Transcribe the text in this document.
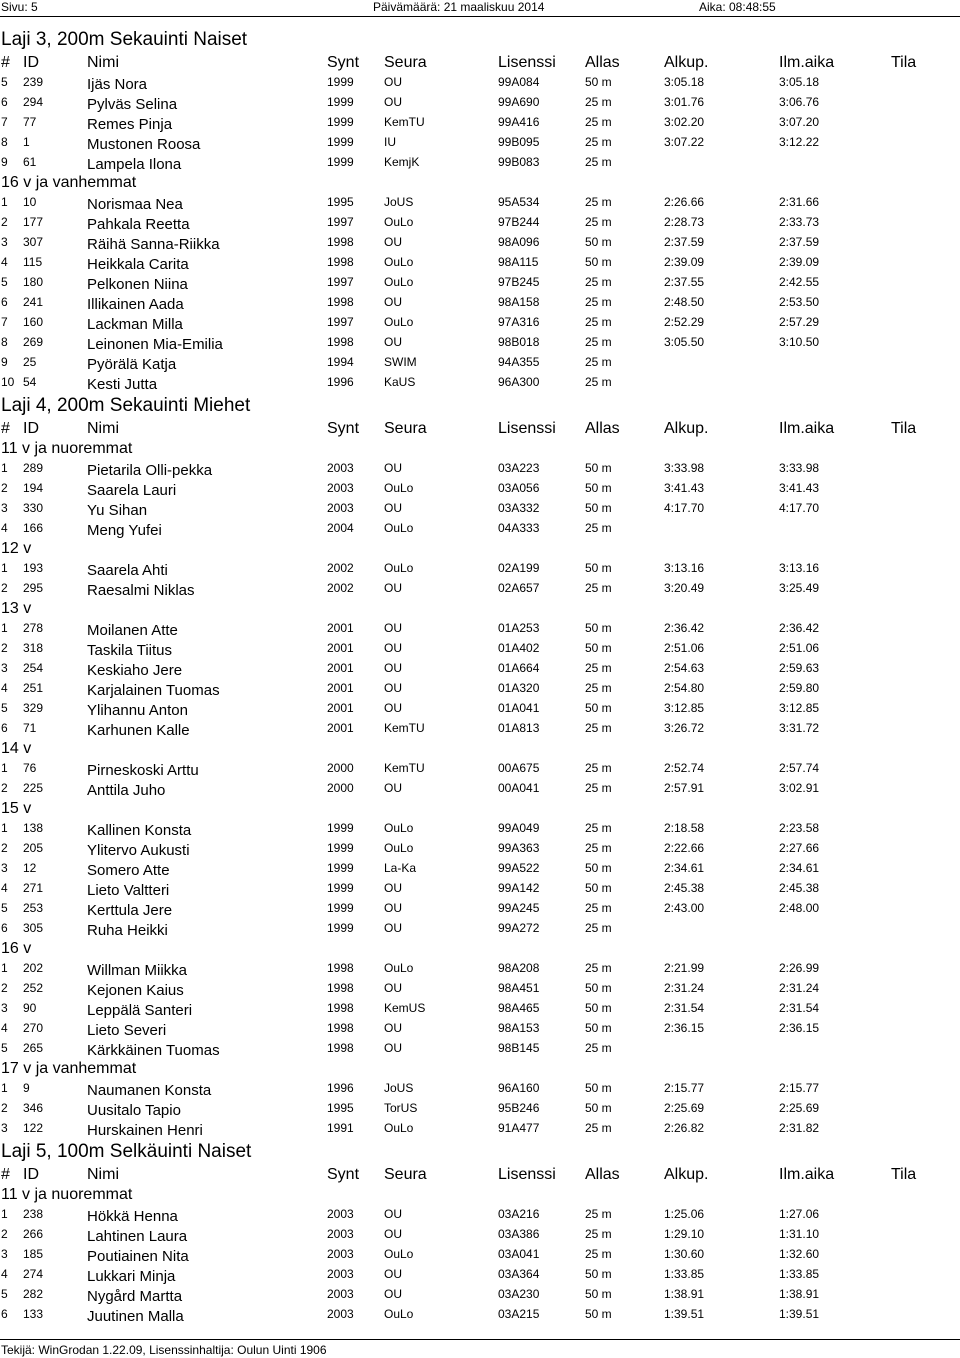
Sivu: 5	Päivämäärä: 21 maaliskuu 2014	Aika: 08:48:55
Laji 3, 200m Sekauinti Naiset
# ID	Nimi	Synt Seura	Lisenssi Allas	Alkup.	Ilm.aika	Tila
5 239	Ijäs Nora	1999	OU	99A084	50 m	3:05.18	3:05.18
6 294	Pylväs Selina	1999	OU	99A690	25 m	3:01.76	3:06.76
7 77	Remes Pinja	1999	KemTU	99A416	25 m	3:02.20	3:07.20
8 1	Mustonen Roosa	1999	IU	99B095	25 m	3:07.22	3:12.22
9 61	Lampela Ilona	1999	KemjK	99B083	25 m
16 v ja vanhemmat
1 10	Norismaa Nea	1995	JoUS	95A534	25 m	2:26.66	2:31.66
2 177	Pahkala Reetta	1997	OuLo	97B244	25 m	2:28.73	2:33.73
3 307	Räihä Sanna-Riikka	1998	OU	98A096	50 m	2:37.59	2:37.59
4 115	Heikkala Carita	1998	OuLo	98A115	50 m	2:39.09	2:39.09
5 180	Pelkonen Niina	1997	OuLo	97B245	25 m	2:37.55	2:42.55
6 241	Illikainen Aada	1998	OU	98A158	25 m	2:48.50	2:53.50
7 160	Lackman Milla	1997	OuLo	97A316	25 m	2:52.29	2:57.29
8 269	Leinonen Mia-Emilia	1998	OU	98B018	25 m	3:05.50	3:10.50
9 25	Pyörälä Katja	1994	SWIM	94A355	25 m
10 54	Kesti Jutta	1996	KaUS	96A300	25 m
Laji 4, 200m Sekauinti Miehet
# ID	Nimi	Synt Seura	Lisenssi Allas	Alkup.	Ilm.aika	Tila
11 v ja nuoremmat
1 289	Pietarila Olli-pekka	2003	OU	03A223	50 m	3:33.98	3:33.98
2 194	Saarela Lauri	2003	OuLo	03A056	50 m	3:41.43	3:41.43
3 330	Yu Sihan	2003	OU	03A332	50 m	4:17.70	4:17.70
4 166	Meng Yufei	2004	OuLo	04A333	25 m
12 v
1 193	Saarela Ahti	2002	OuLo	02A199	50 m	3:13.16	3:13.16
2 295	Raesalmi Niklas	2002	OU	02A657	25 m	3:20.49	3:25.49
13 v
1 278	Moilanen Atte	2001	OU	01A253	50 m	2:36.42	2:36.42
2 318	Taskila Tiitus	2001	OU	01A402	50 m	2:51.06	2:51.06
3 254	Keskiaho Jere	2001	OU	01A664	25 m	2:54.63	2:59.63
4 251	Karjalainen Tuomas	2001	OU	01A320	25 m	2:54.80	2:59.80
5 329	Ylihannu Anton	2001	OU	01A041	50 m	3:12.85	3:12.85
6 71	Karhunen Kalle	2001	KemTU	01A813	25 m	3:26.72	3:31.72
14 v
1 76	Pirneskoski Arttu	2000	KemTU	00A675	25 m	2:52.74	2:57.74
2 225	Anttila Juho	2000	OU	00A041	25 m	2:57.91	3:02.91
15 v
1 138	Kallinen Konsta	1999	OuLo	99A049	25 m	2:18.58	2:23.58
2 205	Ylitervo Aukusti	1999	OuLo	99A363	25 m	2:22.66	2:27.66
3 12	Somero Atte	1999	La-Ka	99A522	50 m	2:34.61	2:34.61
4 271	Lieto Valtteri	1999	OU	99A142	50 m	2:45.38	2:45.38
5 253	Kerttula Jere	1999	OU	99A245	25 m	2:43.00	2:48.00
6 305	Ruha Heikki	1999	OU	99A272	25 m
16 v
1 202	Willman Miikka	1998	OuLo	98A208	25 m	2:21.99	2:26.99
2 252	Kejonen Kaius	1998	OU	98A451	50 m	2:31.24	2:31.24
3 90	Leppälä Santeri	1998	KemUS	98A465	50 m	2:31.54	2:31.54
4 270	Lieto Severi	1998	OU	98A153	50 m	2:36.15	2:36.15
5 265	Kärkkäinen Tuomas	1998	OU	98B145	25 m
17 v ja vanhemmat
1 9	Naumanen Konsta	1996	JoUS	96A160	50 m	2:15.77	2:15.77
2 346	Uusitalo Tapio	1995	TorUS	95B246	50 m	2:25.69	2:25.69
3 122	Hurskainen Henri	1991	OuLo	91A477	25 m	2:26.82	2:31.82
Laji 5, 100m Selkäuinti Naiset
# ID	Nimi	Synt Seura	Lisenssi Allas	Alkup.	Ilm.aika	Tila
11 v ja nuoremmat
1 238	Hökkä Henna	2003	OU	03A216	25 m	1:25.06	1:27.06
2 266	Lahtinen Laura	2003	OU	03A386	25 m	1:29.10	1:31.10
3 185	Poutiainen Nita	2003	OuLo	03A041	25 m	1:30.60	1:32.60
4 274	Lukkari Minja	2003	OU	03A364	50 m	1:33.85	1:33.85
5 282	Nygård Martta	2003	OU	03A230	50 m	1:38.91	1:38.91
6 133	Juutinen Malla	2003	OuLo	03A215	50 m	1:39.51	1:39.51
Tekijä: WinGrodan 1.22.09, Lisenssinhaltija: Oulun Uinti 1906
